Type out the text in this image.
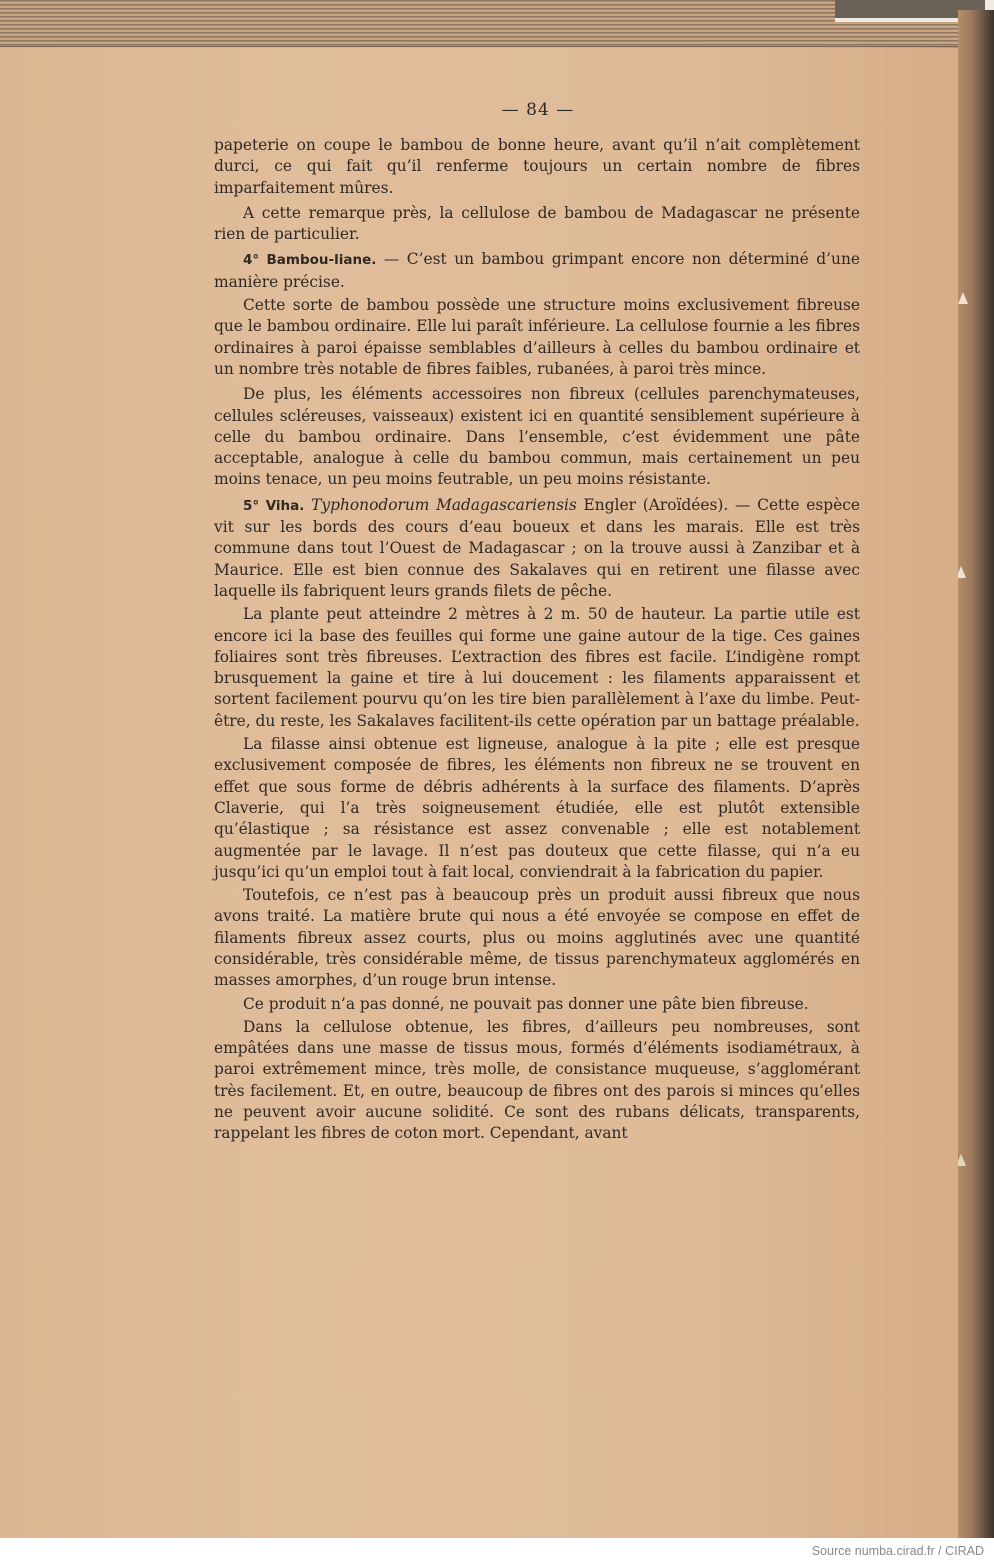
— 84 —

papeterie on coupe le bambou de bonne heure, avant qu’il n’ait complètement durci, ce qui fait qu’il renferme toujours un certain nombre de fibres imparfaitement mûres.

A cette remarque près, la cellulose de bambou de Madagascar ne présente rien de particulier.

4° Bambou-liane. — C’est un bambou grimpant encore non déterminé d’une manière précise.

Cette sorte de bambou possède une structure moins exclusivement fibreuse que le bambou ordinaire. Elle lui paraît inférieure. La cellulose fournie a les fibres ordinaires à paroi épaisse semblables d’ailleurs à celles du bambou ordinaire et un nombre très notable de fibres faibles, rubanées, à paroi très mince.

De plus, les éléments accessoires non fibreux (cellules parenchymateuses, cellules scléreuses, vaisseaux) existent ici en quantité sensiblement supérieure à celle du bambou ordinaire. Dans l’ensemble, c’est évidemment une pâte acceptable, analogue à celle du bambou commun, mais certainement un peu moins tenace, un peu moins feutrable, un peu moins résistante.

5° Viha. Typhonodorum Madagascariensis Engler (Aroïdées). — Cette espèce vit sur les bords des cours d’eau boueux et dans les marais. Elle est très commune dans tout l’Ouest de Madagascar ; on la trouve aussi à Zanzibar et à Maurice. Elle est bien connue des Sakalaves qui en retirent une filasse avec laquelle ils fabriquent leurs grands filets de pêche.

La plante peut atteindre 2 mètres à 2 m. 50 de hauteur. La partie utile est encore ici la base des feuilles qui forme une gaine autour de la tige. Ces gaines foliaires sont très fibreuses. L’extraction des fibres est facile. L’indigène rompt brusquement la gaine et tire à lui doucement : les filaments apparaissent et sortent facilement pourvu qu’on les tire bien parallèlement à l’axe du limbe. Peut-être, du reste, les Sakalaves facilitent-ils cette opération par un battage préalable.

La filasse ainsi obtenue est ligneuse, analogue à la pite ; elle est presque exclusivement composée de fibres, les éléments non fibreux ne se trouvent en effet que sous forme de débris adhérents à la surface des filaments. D’après Claverie, qui l’a très soigneusement étudiée, elle est plutôt extensible qu’élastique ; sa résistance est assez convenable ; elle est notablement augmentée par le lavage. Il n’est pas douteux que cette filasse, qui n’a eu jusqu’ici qu’un emploi tout à fait local, conviendrait à la fabrication du papier.

Toutefois, ce n’est pas à beaucoup près un produit aussi fibreux que nous avons traité. La matière brute qui nous a été envoyée se compose en effet de filaments fibreux assez courts, plus ou moins agglutinés avec une quantité considérable, très considérable même, de tissus parenchymateux agglomérés en masses amorphes, d’un rouge brun intense.

Ce produit n’a pas donné, ne pouvait pas donner une pâte bien fibreuse.

Dans la cellulose obtenue, les fibres, d’ailleurs peu nombreuses, sont empâtées dans une masse de tissus mous, formés d’éléments isodiamétraux, à paroi extrêmement mince, très molle, de consistance muqueuse, s’agglomérant très facilement. Et, en outre, beaucoup de fibres ont des parois si minces qu’elles ne peuvent avoir aucune solidité. Ce sont des rubans délicats, transparents, rappelant les fibres de coton mort. Cependant, avant

Source numba.cirad.fr / CIRAD
